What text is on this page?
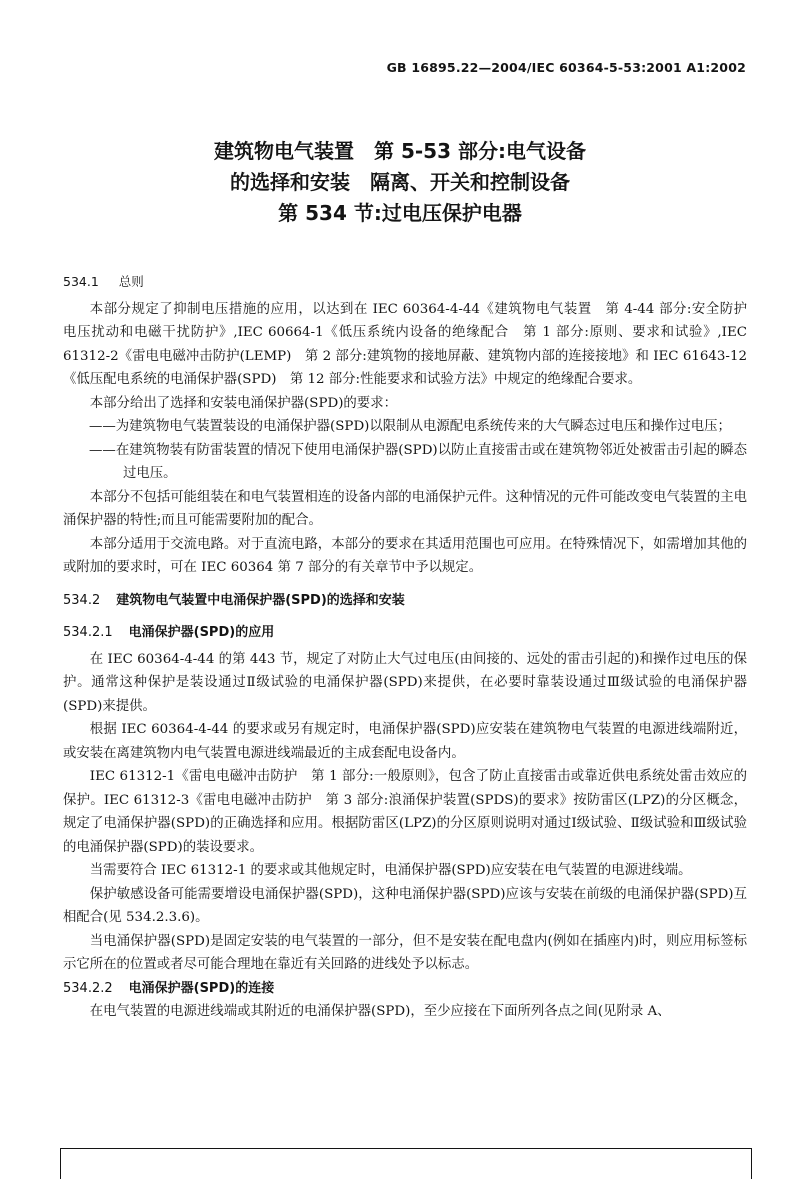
GB 16895.22—2004/IEC 60364-5-53:2001 A1:2002
建筑物电气装置　第 5-53 部分:电气设备
的选择和安装　隔离、开关和控制设备
第 534 节:过电压保护电器
534.1 总则

本部分规定了抑制电压措施的应用，以达到在 IEC 60364-4-44《建筑物电气装置　第 4-44 部分:安全防护　电压扰动和电磁干扰防护》,IEC 60664-1《低压系统内设备的绝缘配合　第 1 部分:原则、要求和试验》,IEC 61312-2《雷电电磁冲击防护(LEMP)　第 2 部分:建筑物的接地屏蔽、建筑物内部的连接接地》和 IEC 61643-12《低压配电系统的电涌保护器(SPD)　第 12 部分:性能要求和试验方法》中规定的绝缘配合要求。

本部分给出了选择和安装电涌保护器(SPD)的要求：

——为建筑物电气装置装设的电涌保护器(SPD)以限制从电源配电系统传来的大气瞬态过电压和操作过电压；
——在建筑物装有防雷装置的情况下使用电涌保护器(SPD)以防止直接雷击或在建筑物邻近处被雷击引起的瞬态过电压。

本部分不包括可能组装在和电气装置相连的设备内部的电涌保护元件。这种情况的元件可能改变电气装置的主电涌保护器的特性;而且可能需要附加的配合。

本部分适用于交流电路。对于直流电路，本部分的要求在其适用范围也可应用。在特殊情况下，如需增加其他的或附加的要求时，可在 IEC 60364 第 7 部分的有关章节中予以规定。

534.2 建筑物电气装置中电涌保护器(SPD)的选择和安装
534.2.1 电涌保护器(SPD)的应用

在 IEC 60364-4-44 的第 443 节，规定了对防止大气过电压(由间接的、远处的雷击引起的)和操作过电压的保护。通常这种保护是装设通过Ⅱ级试验的电涌保护器(SPD)来提供，在必要时靠装设通过Ⅲ级试验的电涌保护器(SPD)来提供。

根据 IEC 60364-4-44 的要求或另有规定时，电涌保护器(SPD)应安装在建筑物电气装置的电源进线端附近，或安装在离建筑物内电气装置电源进线端最近的主成套配电设备内。

IEC 61312-1《雷电电磁冲击防护　第 1 部分:一般原则》，包含了防止直接雷击或靠近供电系统处雷击效应的保护。IEC 61312-3《雷电电磁冲击防护　第 3 部分:浪涌保护装置(SPDS)的要求》按防雷区(LPZ)的分区概念，规定了电涌保护器(SPD)的正确选择和应用。根据防雷区(LPZ)的分区原则说明对通过Ⅰ级试验、Ⅱ级试验和Ⅲ级试验的电涌保护器(SPD)的装设要求。

当需要符合 IEC 61312-1 的要求或其他规定时，电涌保护器(SPD)应安装在电气装置的电源进线端。

保护敏感设备可能需要增设电涌保护器(SPD)，这种电涌保护器(SPD)应该与安装在前级的电涌保护器(SPD)互相配合(见 534.2.3.6)。

当电涌保护器(SPD)是固定安装的电气装置的一部分，但不是安装在配电盘内(例如在插座内)时，则应用标签标示它所在的位置或者尽可能合理地在靠近有关回路的进线处予以标志。

534.2.2 电涌保护器(SPD)的连接

在电气装置的电源进线端或其附近的电涌保护器(SPD)，至少应接在下面所列各点之间(见附录 A、
